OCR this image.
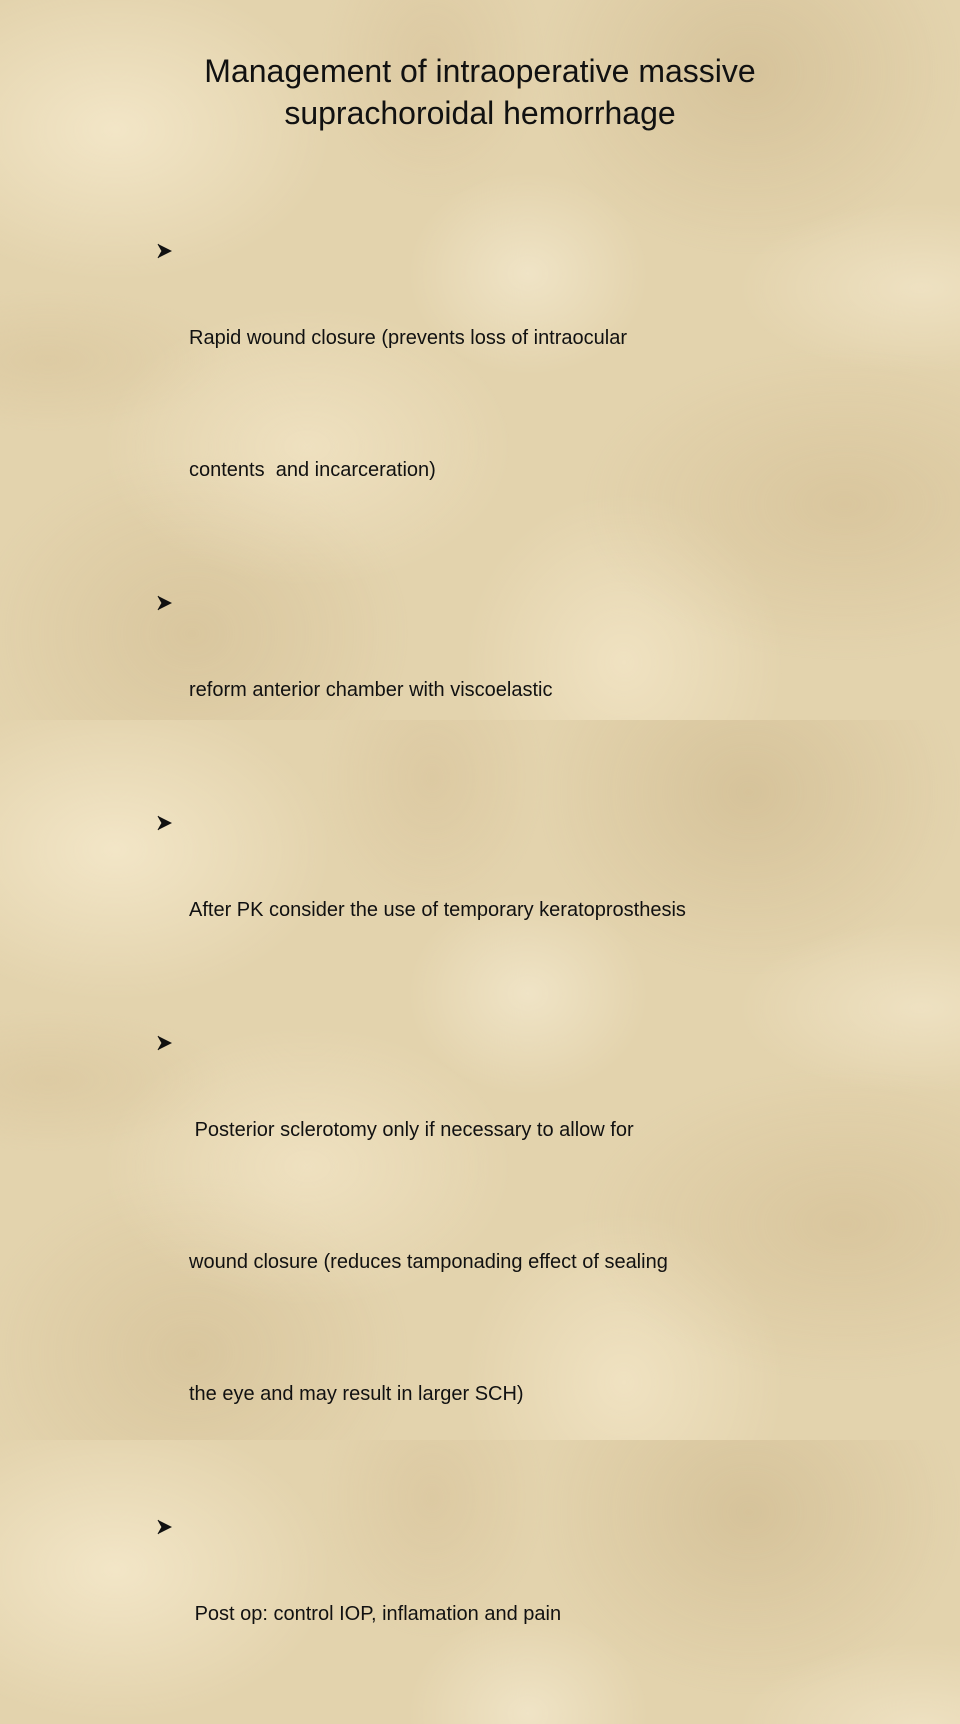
Management of intraoperative massive
suprachoroidal hemorrhage

Rapid wound closure (prevents loss of intraocular

contents  and incarceration)

reform anterior chamber with viscoelastic

After PK consider the use of temporary keratoprosthesis

Posterior sclerotomy only if necessary to allow for

wound closure (reduces tamponading effect of sealing

the eye and may result in larger SCH)

Post op: control IOP, inflamation and pain
